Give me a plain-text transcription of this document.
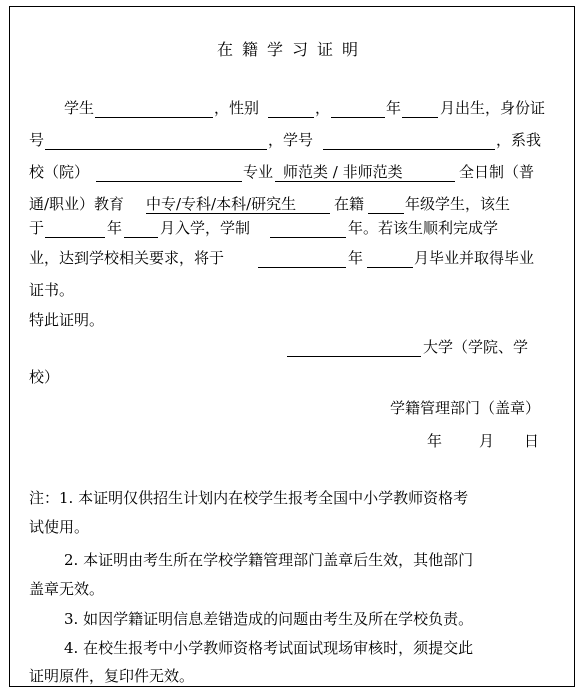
在籍学习证明
学生	，性别	，	年	月出生，身份证
号	，学号	，系我
校（院）	专业 师范类 / 非师范类	全日制（普
通/职业）教育 中专/专科/本科/研究生	在籍	年级学生，该生
于	年	月入学，学制	年。若该生顺利完成学
业，达到学校相关要求，将于	年	月毕业并取得毕业
证书。
特此证明。
大学（学院、学
校）
学籍管理部门（盖章）
年 月 日
注：1. 本证明仅供招生计划内在校学生报考全国中小学教师资格考
试使用。
2. 本证明由考生所在学校学籍管理部门盖章后生效，其他部门
盖章无效。
3. 如因学籍证明信息差错造成的问题由考生及所在学校负责。
4. 在校生报考中小学教师资格考试面试现场审核时，须提交此
证明原件，复印件无效。
